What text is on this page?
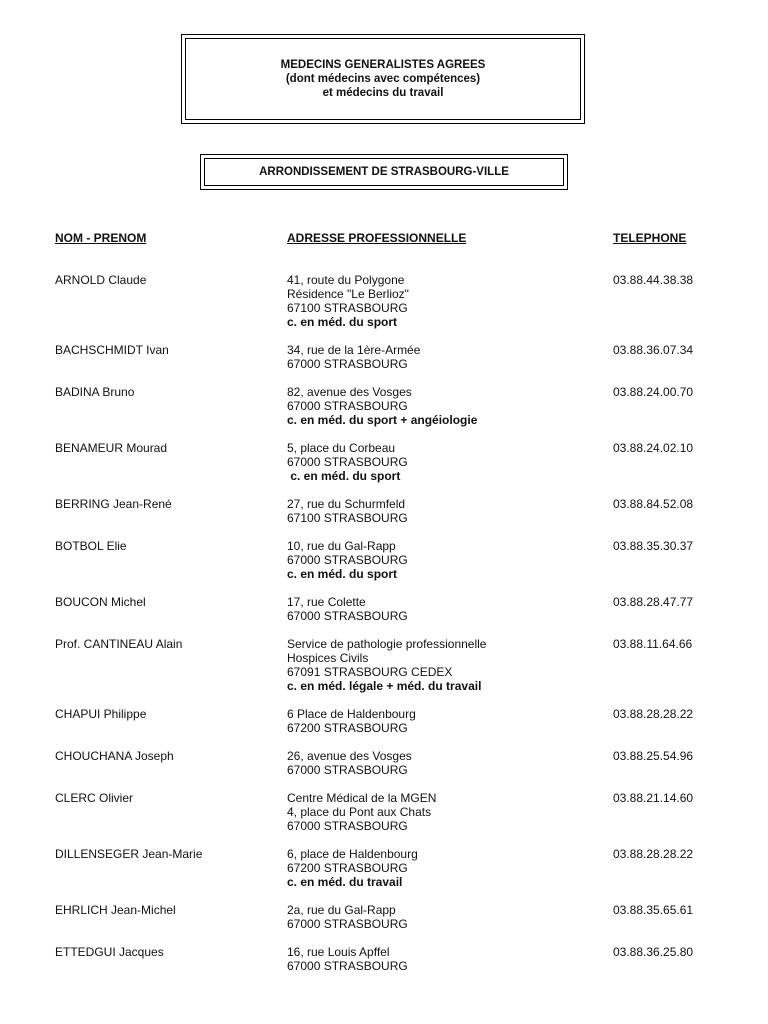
MEDECINS GENERALISTES AGREES
(dont médecins avec compétences)
et médecins du travail
ARRONDISSEMENT DE STRASBOURG-VILLE
NOM - PRENOM	ADRESSE PROFESSIONNELLE	TELEPHONE
ARNOLD Claude	41, route du Polygone
Résidence "Le Berlioz"
67100 STRASBOURG
c. en méd. du sport
03.88.44.38.38
BACHSCHMIDT Ivan	34, rue de la 1ère-Armée
67000 STRASBOURG
03.88.36.07.34
BADINA Bruno	82, avenue des Vosges
67000 STRASBOURG
c. en méd. du sport + angéiologie
03.88.24.00.70
BENAMEUR Mourad	5, place du Corbeau
67000 STRASBOURG
c. en méd. du sport
03.88.24.02.10
BERRING Jean-René	27, rue du Schurmfeld
67100 STRASBOURG
03.88.84.52.08
BOTBOL Elie	10, rue du Gal-Rapp
67000 STRASBOURG
c. en méd. du sport
03.88.35.30.37
BOUCON Michel	17, rue Colette
67000 STRASBOURG
03.88.28.47.77
Prof. CANTINEAU Alain	Service de pathologie professionnelle
Hospices Civils
67091 STRASBOURG CEDEX
c. en méd. légale + méd. du travail
03.88.11.64.66
CHAPUI Philippe	6 Place de Haldenbourg
67200 STRASBOURG
03.88.28.28.22
CHOUCHANA Joseph	26, avenue des Vosges
67000 STRASBOURG
03.88.25.54.96
CLERC Olivier	Centre Médical de la MGEN
4, place du Pont aux Chats
67000 STRASBOURG
03.88.21.14.60
DILLENSEGER Jean-Marie	6, place de Haldenbourg
67200 STRASBOURG
c. en méd. du travail
03.88.28.28.22
EHRLICH Jean-Michel	2a, rue du Gal-Rapp
67000 STRASBOURG
03.88.35.65.61
ETTEDGUI Jacques	16, rue Louis Apffel
67000 STRASBOURG
03.88.36.25.80
